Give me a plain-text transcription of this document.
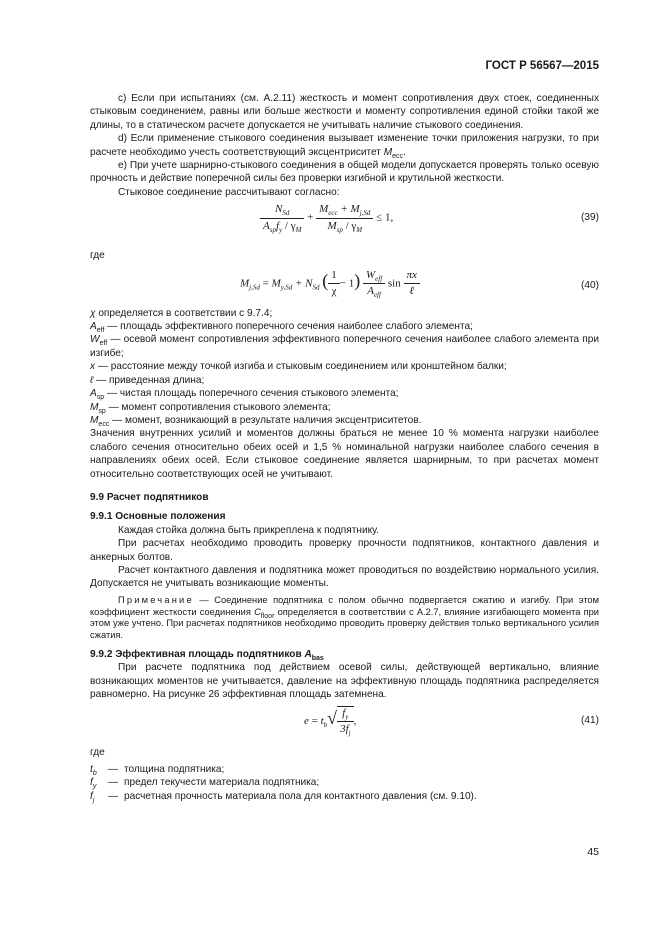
ГОСТ Р 56567—2015

с) Если при испытаниях (см. А.2.11) жесткость и момент сопротивления двух стоек, соединенных стыковым соединением, равны или больше жесткости и моменту сопротивления единой стойки такой же длины, то в статическом расчете допускается не учитывать наличие стыкового соединения.

d) Если применение стыкового соединения вызывает изменение точки приложения нагрузки, то при расчете необходимо учесть соответствующий эксцентриситет $M_{ecc}$.

e) При учете шарнирно-стыкового соединения в общей модели допускается проверять только осевую прочность и действие поперечной силы без проверки изгибной и крутильной жесткости.

Стыковое соединение рассчитывают согласно:

$\frac{N_{Sd}}{A_{sp}f_y / \gamma_M} + \frac{M_{ecc} + M_{j,Sd}}{M_{sp} / \gamma_M} \le 1$,	(39)

где

$M_{j,Sd} = M_{y,Sd} + N_{Sd}$ ( $\frac{1}{\chi} - 1) \frac{W_{eff}}{A_{eff}}$ $\sin \frac{\pi x}{\text{ℓ}}$	(40)

χ определяется в соответствии с 9.7.4;

$A_{eff}$ — площадь эффективного поперечного сечения наиболее слабого элемента;

$W_{eff}$ — осевой момент сопротивления эффективного поперечного сечения наиболее слабого элемента при изгибе;

x — расстояние между точкой изгиба и стыковым соединением или кронштейном балки;

ℓ — приведенная длина;

$A_{sp}$ — чистая площадь поперечного сечения стыкового элемента;

$M_{sp}$ — момент сопротивления стыкового элемента;

$M_{ecc}$ — момент, возникающий в результате наличия эксцентриситетов.

Значения внутренних усилий и моментов должны браться не менее 10 % момента нагрузки наиболее слабого сечения относительно обеих осей и 1,5 % номинальной нагрузки наиболее слабого сечения в направлениях обеих осей. Если стыковое соединение является шарнирным, то при расчетах момент относительно соответствующих осей не учитывают.

9.9 Расчет подпятников

9.9.1 Основные положения

Каждая стойка должна быть прикреплена к подпятнику.

При расчетах необходимо проводить проверку прочности подпятников, контактного давления и анкерных болтов.

Расчет контактного давления и подпятника может проводиться по воздействию нормального усилия. Допускается не учитывать возникающие моменты.

Примечание — Соединение подпятника с полом обычно подвергается сжатию и изгибу. При этом коэффициент жесткости соединения $C_{floor}$ определяется в соответствии с А.2.7, влияние изгибающего момента при этом уже учтено. При расчетах подпятников необходимо проводить проверку действия только вертикального усилия сжатия.

9.9.2 Эффективная площадь подпятников $A_{bas}$

При расчете подпятника под действием осевой силы, действующей вертикально, влияние возникающих моментов не учитывается, давление на эффективную площадь подпятника распределяется равномерно. На рисунке 26 эффективная площадь затемнена.

$e = t_b√ \frac{f_y}{3f_j}$ ,	(41)

где

$t_b$	— толщина подпятника;
$f_y$	— предел текучести материала подпятника;
$f_j$	— расчетная прочность материала пола для контактного давления (см. 9.10).
45
